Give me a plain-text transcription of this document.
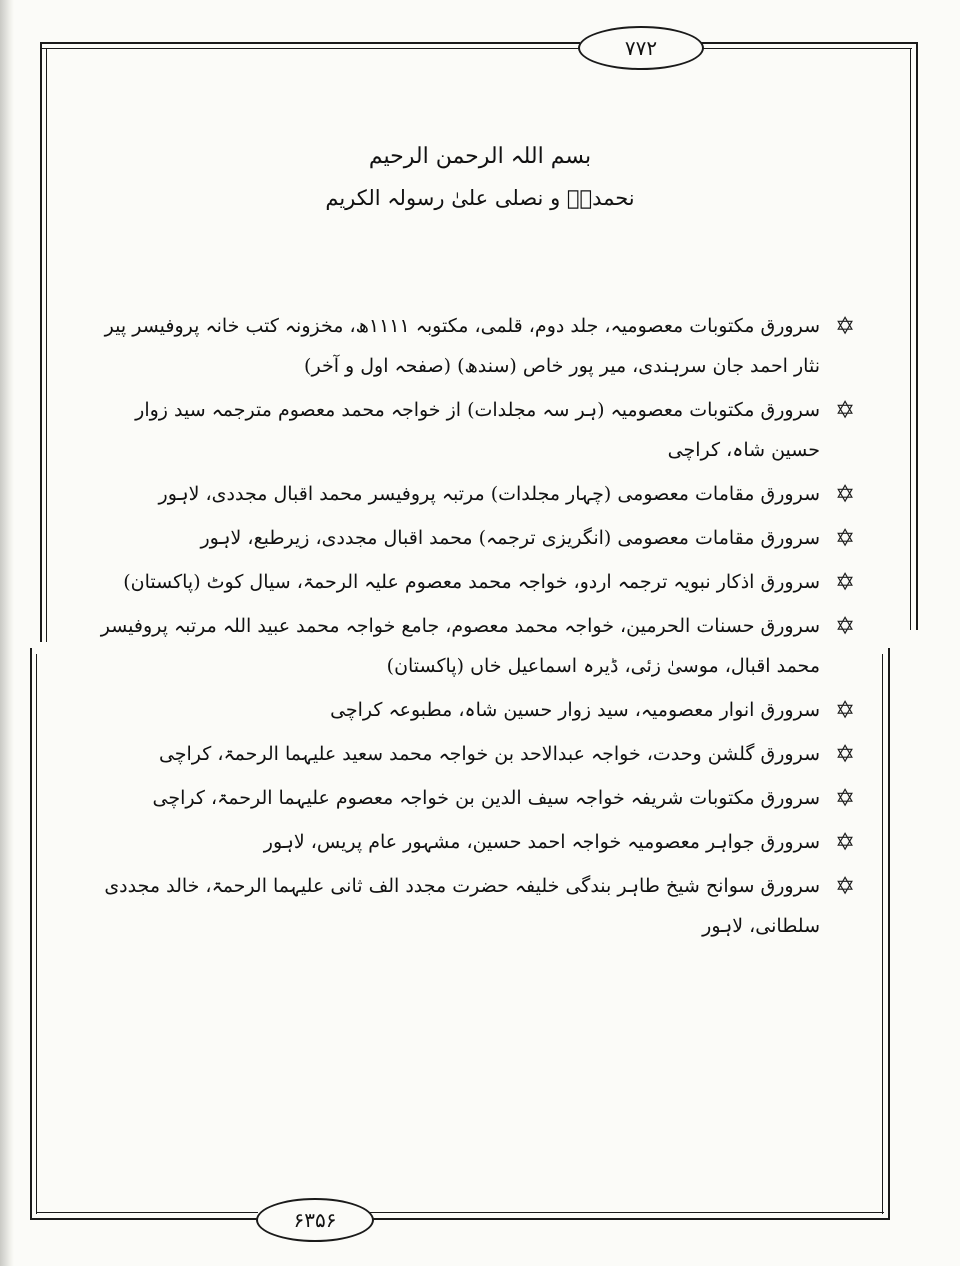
۷۷۲
بسم اللہ الرحمن الرحیم
نحمدہٗ و نصلی علیٰ رسولہ الکریم
✡
سرورق مکتوبات معصومیہ، جلد دوم، قلمی، مکتوبہ ۱۱۱۱ھ، مخزونہ کتب خانہ پروفیسر پیر نثار احمد جان سرہندی، میر پور خاص (سندھ) (صفحہ اول و آخر)
✡
سرورق مکتوبات معصومیہ (ہر سہ مجلدات) از خواجہ محمد معصوم مترجمہ سید زوار حسین شاہ، کراچی
✡
سرورق مقامات معصومی (چہار مجلدات) مرتبہ پروفیسر محمد اقبال مجددی، لاہور
✡
سرورق مقامات معصومی (انگریزی ترجمہ) محمد اقبال مجددی، زیرطبع، لاہور
✡
سرورق اذکار نبویہ ترجمہ اردو، خواجہ محمد معصوم علیہ الرحمۃ، سیال کوٹ (پاکستان)
✡
سرورق حسنات الحرمین، خواجہ محمد معصوم، جامع خواجہ محمد عبید اللہ مرتبہ پروفیسر محمد اقبال، موسیٰ زئی، ڈیرہ اسماعیل خاں (پاکستان)
✡
سرورق انوار معصومیہ، سید زوار حسین شاہ، مطبوعہ کراچی
✡
سرورق گلشن وحدت، خواجہ عبدالاحد بن خواجہ محمد سعید علیہما الرحمۃ، کراچی
✡
سرورق مکتوبات شریفہ خواجہ سیف الدین بن خواجہ معصوم علیہما الرحمۃ، کراچی
✡
سرورق جواہر معصومیہ خواجہ احمد حسین، مشہور عام پریس، لاہور
✡
سرورق سوانح شیخ طاہر بندگی خلیفہ حضرت مجدد الف ثانی علیہما الرحمۃ، خالد مجددی سلطانی، لاہور
۶۳۵۶
